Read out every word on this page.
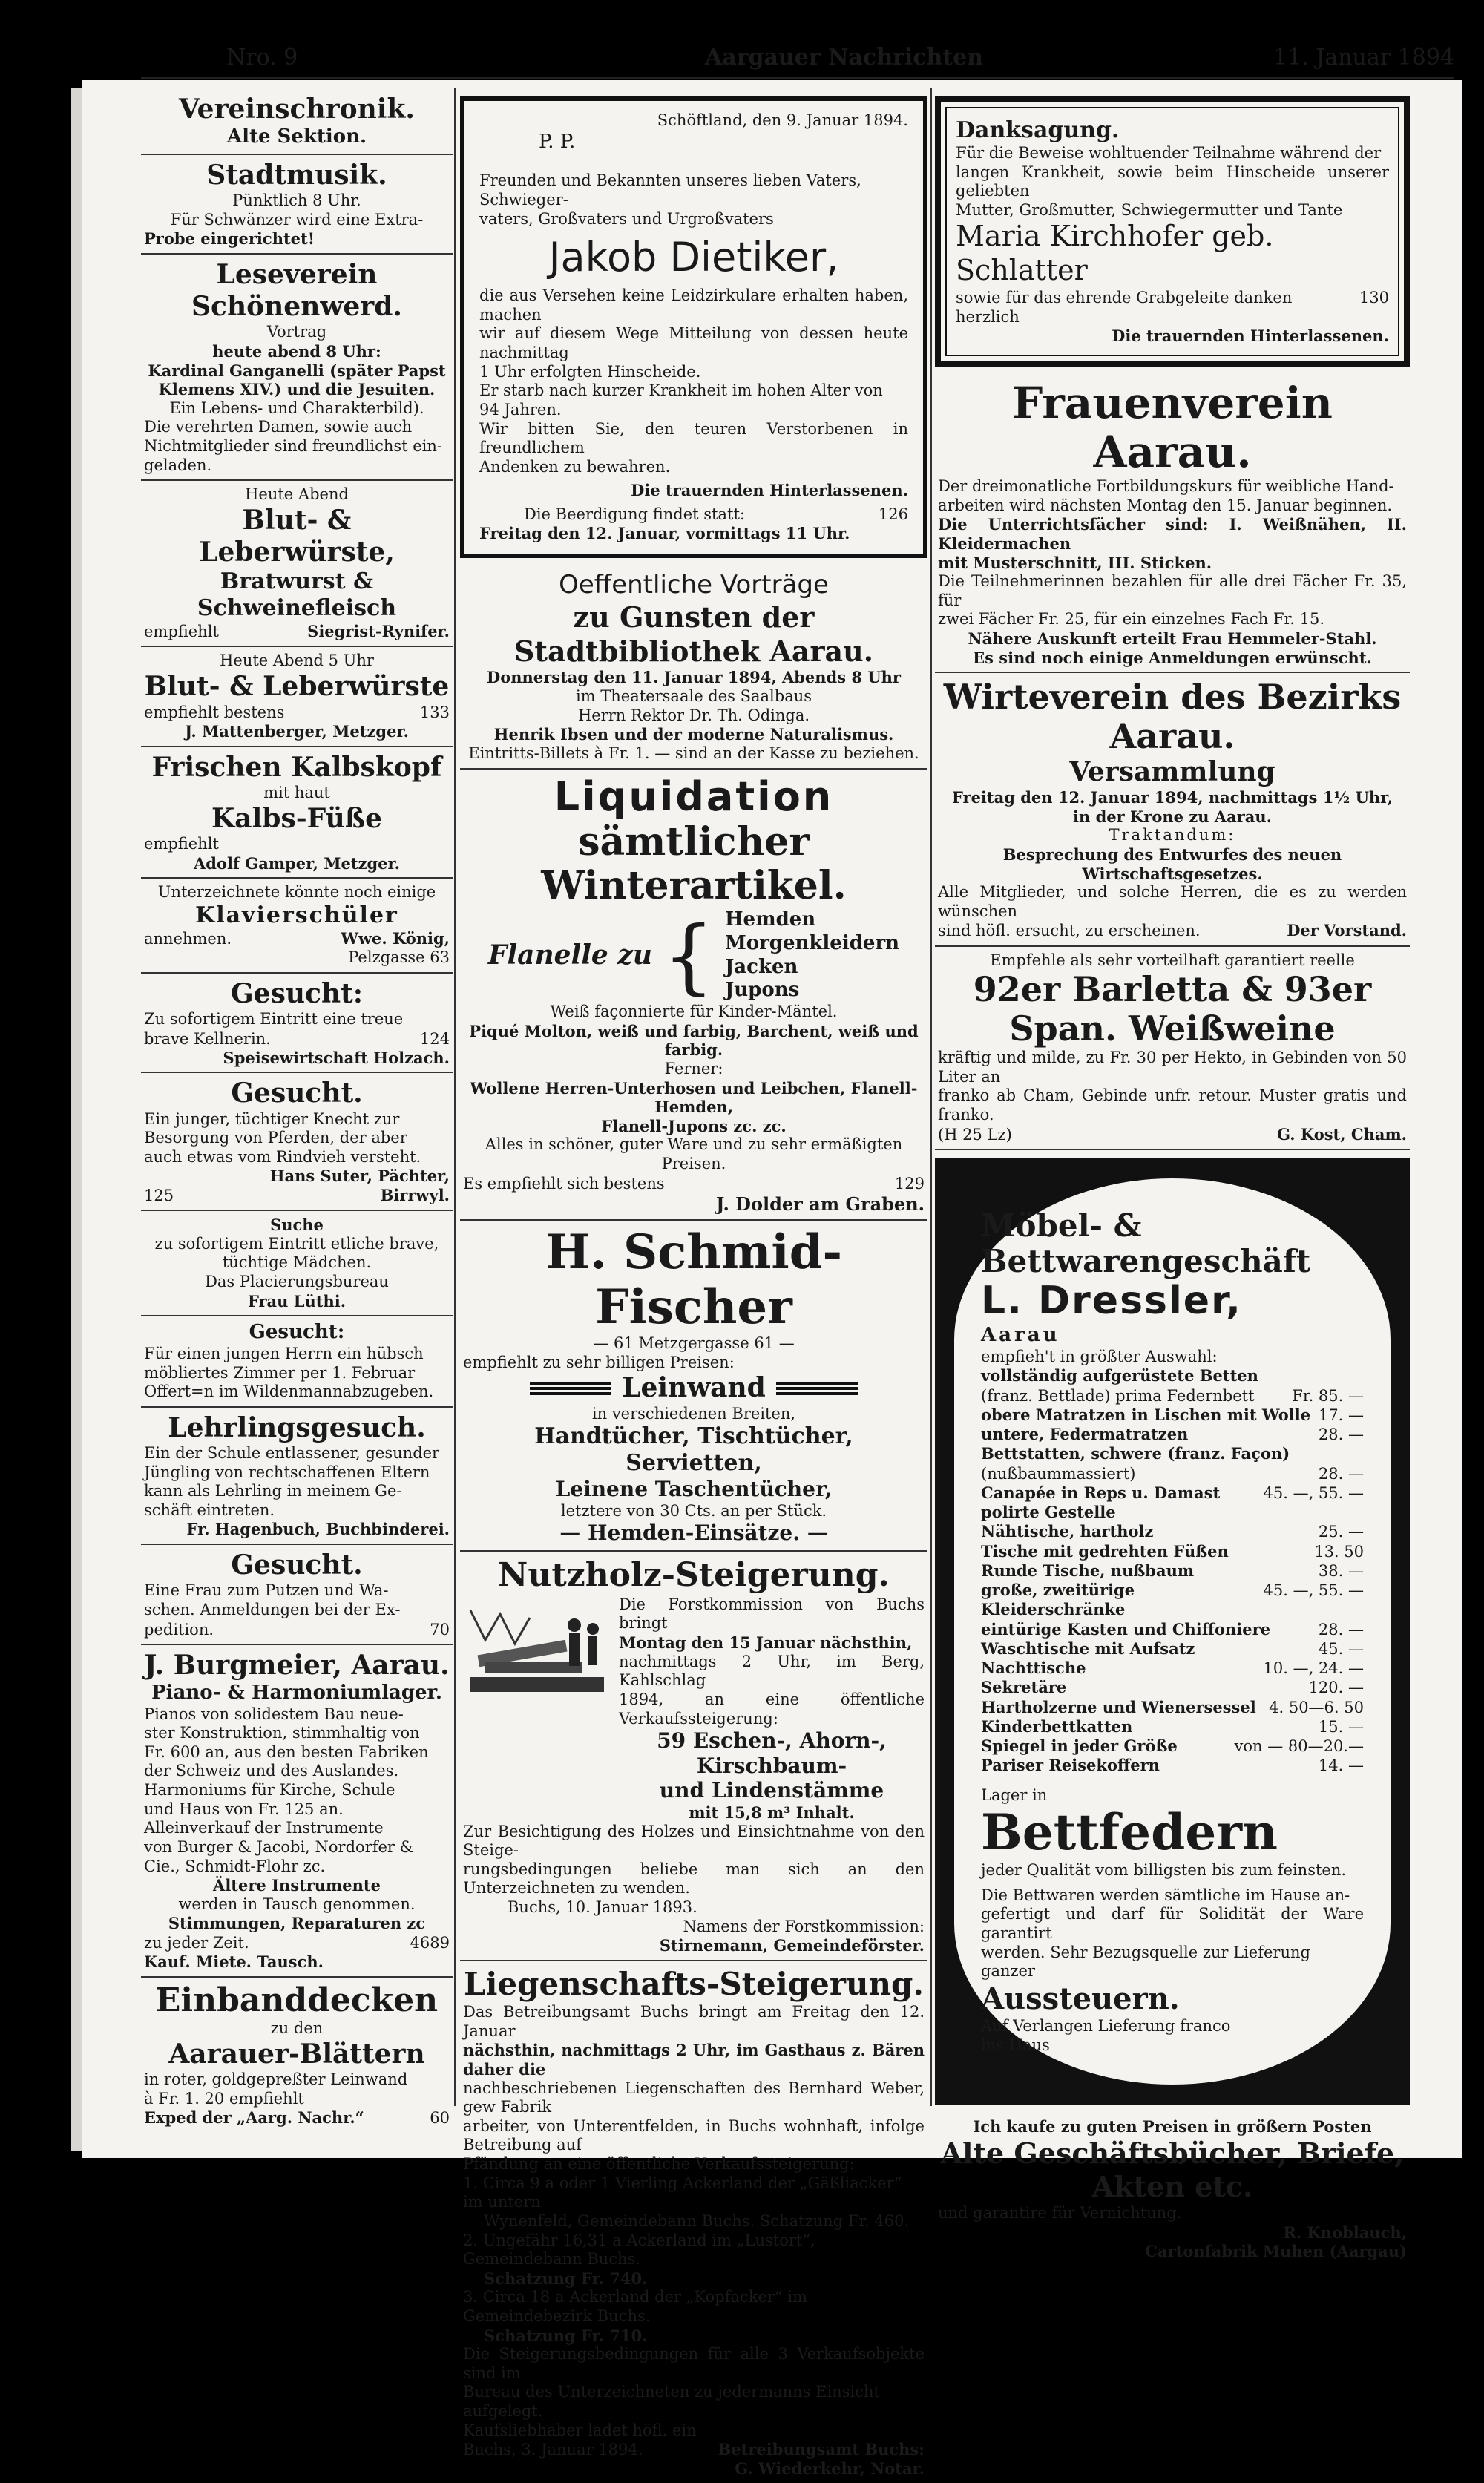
Nro. 9	Aargauer Nachrichten	11. Januar 1894
Vereinschronik.
Alte Sektion.
Stadtmusik.
Pünktlich 8 Uhr.
Für Schwänzer wird eine Extra-
Probe eingerichtet!
Leseverein Schönenwerd.
Vortrag
heute abend 8 Uhr:
Kardinal Ganganelli (später Papst
Klemens XIV.) und die Jesuiten.
Ein Lebens- und Charakterbild).
Die verehrten Damen, sowie auch
Nichtmitglieder sind freundlichst ein-
geladen.
Heute Abend
Blut- & Leberwürste,
Bratwurst & Schweinefleisch
empfiehlt	Siegrist-Rynifer.
Heute Abend 5 Uhr
Blut- & Leberwürste
empfiehlt bestens	133
J. Mattenberger, Metzger.
Frischen Kalbskopf
mit haut
Kalbs-Füße
empfiehlt
Adolf Gamper, Metzger.
Unterzeichnete könnte noch einige
Klavierschüler
annehmen.	Wwe. König,
Pelzgasse 63
Gesucht:
Zu sofortigem Eintritt eine treue
brave Kellnerin.	124
Speisewirtschaft Holzach.
Gesucht.
Ein junger, tüchtiger Knecht zur
Besorgung von Pferden, der aber
auch etwas vom Rindvieh versteht.
Hans Suter, Pächter,
125	Birrwyl.
Suche
zu sofortigem Eintritt etliche brave,
tüchtige Mädchen.
Das Placierungsbureau
Frau Lüthi.
Gesucht:
Für einen jungen Herrn ein hübsch
möbliertes Zimmer per 1. Februar
Offert=n im Wildenmannabzugeben.
Lehrlingsgesuch.
Ein der Schule entlassener, gesunder
Jüngling von rechtschaffenen Eltern
kann als Lehrling in meinem Ge-
schäft eintreten.
Fr. Hagenbuch, Buchbinderei.
Gesucht.
Eine Frau zum Putzen und Wa-
schen. Anmeldungen bei der Ex-
pedition.	70
J. Burgmeier, Aarau.
Piano- & Harmoniumlager.
Pianos von solidestem Bau neue-
ster Konstruktion, stimmhaltig von
Fr. 600 an, aus den besten Fabriken
der Schweiz und des Auslandes.
Harmoniums für Kirche, Schule
und Haus von Fr. 125 an.
Alleinverkauf der Instrumente
von Burger & Jacobi, Nordorfer &
Cie., Schmidt-Flohr zc.
Ältere Instrumente
werden in Tausch genommen.
Stimmungen, Reparaturen zc
zu jeder Zeit.	4689
Kauf. Miete. Tausch.
Einbanddecken
zu den
Aarauer-Blättern
in roter, goldgepreßter Leinwand
à Fr. 1. 20 empfiehlt
Exped der „Aarg. Nachr.“	60
Schöftland, den 9. Januar 1894.
P. P.
Freunden und Bekannten unseres lieben Vaters, Schwieger-
vaters, Großvaters und Urgroßvaters
Jakob Dietiker,
die aus Versehen keine Leidzirkulare erhalten haben, machen
wir auf diesem Wege Mitteilung von dessen heute nachmittag
1 Uhr erfolgten Hinscheide.
Er starb nach kurzer Krankheit im hohen Alter von
94 Jahren.
Wir bitten Sie, den teuren Verstorbenen in freundlichem
Andenken zu bewahren.
Die trauernden Hinterlassenen.
Die Beerdigung findet statt:	126
Freitag den 12. Januar, vormittags 11 Uhr.
Oeffentliche Vorträge
zu Gunsten der Stadtbibliothek Aarau.
Donnerstag den 11. Januar 1894, Abends 8 Uhr
im Theatersaale des Saalbaus
Herrn Rektor Dr. Th. Odinga.
Henrik Ibsen und der moderne Naturalismus.
Eintritts-Billets à Fr. 1. — sind an der Kasse zu beziehen.
Liquidation
sämtlicher Winterartikel.
Flanelle zu { Hemden
Morgenkleidern
Jacken
Jupons
Weiß façonnierte für Kinder-Mäntel.
Piqué Molton, weiß und farbig, Barchent, weiß und farbig.
Ferner:
Wollene Herren-Unterhosen und Leibchen, Flanell-Hemden,
Flanell-Jupons zc. zc.
Alles in schöner, guter Ware und zu sehr ermäßigten Preisen.
Es empfiehlt sich bestens	129
J. Dolder am Graben.
H. Schmid-Fischer
— 61 Metzgergasse 61 —
empfiehlt zu sehr billigen Preisen:
Leinwand
in verschiedenen Breiten,
Handtücher, Tischtücher, Servietten,
Leinene Taschentücher,
letztere von 30 Cts. an per Stück.
— Hemden-Einsätze. —
Nutzholz-Steigerung.
Die Forstkommission von Buchs bringt
Montag den 15 Januar nächsthin,
nachmittags 2 Uhr, im Berg, Kahlschlag
1894, an eine öffentliche Verkaufssteigerung:
59 Eschen-, Ahorn-, Kirschbaum-
und Lindenstämme
mit 15,8 m³ Inhalt.
Zur Besichtigung des Holzes und Einsichtnahme von den Steige-
rungsbedingungen beliebe man sich an den Unterzeichneten zu wenden.
Buchs, 10. Januar 1893.
Namens der Forstkommission:
Stirnemann, Gemeindeförster.
Liegenschafts-Steigerung.
Das Betreibungsamt Buchs bringt am Freitag den 12. Januar
nächsthin, nachmittags 2 Uhr, im Gasthaus z. Bären daher die
nachbeschriebenen Liegenschaften des Bernhard Weber, gew Fabrik
arbeiter, von Unterentfelden, in Buchs wohnhaft, infolge Betreibung auf
Pfändung an eine öffentliche Verkaufssteigerung:
1. Circa 9 a oder 1 Vierling Ackerland der „Gäßliacker“ im untern
Wynenfeld, Gemeindebann Buchs. Schatzung Fr. 460.
2. Ungefähr 16,31 a Ackerland im „Lustort“, Gemeindebann Buchs.
Schatzung Fr. 740.
3. Circa 18 a Ackerland der „Kopfacker“ im Gemeindebezirk Buchs.
Schatzung Fr. 710.
Die Steigerungsbedingungen für alle 3 Verkaufsobjekte sind im
Bureau des Unterzeichneten zu jedermanns Einsicht aufgelegt.
Kaufsliebhaber ladet höfl. ein
Buchs, 3. Januar 1894.	Betreibungsamt Buchs:
G. Wiederkehr, Notar.
Danksagung.
Für die Beweise wohltuender Teilnahme während der
langen Krankheit, sowie beim Hinscheide unserer geliebten
Mutter, Großmutter, Schwiegermutter und Tante
Maria Kirchhofer geb. Schlatter
sowie für das ehrende Grabgeleite danken herzlich
130
Die trauernden Hinterlassenen.
Frauenverein Aarau.
Der dreimonatliche Fortbildungskurs für weibliche Hand-
arbeiten wird nächsten Montag den 15. Januar beginnen.
Die Unterrichtsfächer sind: I. Weißnähen, II. Kleidermachen
mit Musterschnitt, III. Sticken.
Die Teilnehmerinnen bezahlen für alle drei Fächer Fr. 35, für
zwei Fächer Fr. 25, für ein einzelnes Fach Fr. 15.
Nähere Auskunft erteilt Frau Hemmeler-Stahl.
Es sind noch einige Anmeldungen erwünscht.
Wirteverein des Bezirks Aarau.
Versammlung
Freitag den 12. Januar 1894, nachmittags 1½ Uhr,
in der Krone zu Aarau.
Traktandum:
Besprechung des Entwurfes des neuen Wirtschaftsgesetzes.
Alle Mitglieder, und solche Herren, die es zu werden wünschen
sind höfl. ersucht, zu erscheinen.	Der Vorstand.
Empfehle als sehr vorteilhaft garantiert reelle
92er Barletta & 93er Span. Weißweine
kräftig und milde, zu Fr. 30 per Hekto, in Gebinden von 50 Liter an
franko ab Cham, Gebinde unfr. retour. Muster gratis und franko.
(H 25 Lz)	G. Kost, Cham.
Möbel- & Bettwarengeschäft
L. Dressler,
Aarau
empfieh't in größter Auswahl:
vollständig aufgerüstete Betten
(franz. Bettlade) prima Federnbett Fr. 85. —
obere Matratzen in Lischen mit Wolle 17. —
untere, Federmatratzen	28. —
Bettstatten, schwere (franz. Façon)
(nußbaummassiert)	28. —
Canapée in Reps u. Damast polirte Gestelle
45. —, 55. —
Nähtische, hartholz	25. —
Tische mit gedrehten Füßen	13. 50
Runde Tische, nußbaum	38. —
große, zweitürige Kleiderschränke
45. —, 55. —
eintürige Kasten und Chiffoniere	28. —
Waschtische mit Aufsatz	45. —
Nachttische	10. —, 24. —
Sekretäre	120. —
Hartholzerne und Wienersessel 4. 50—6. 50
Kinderbettkatten	15. —
Spiegel in jeder Größe	von — 80—20.—
Pariser Reisekoffern	14. —
Lager in
Bettfedern
jeder Qualität vom billigsten bis zum feinsten.
Die Bettwaren werden sämtliche im Hause an-
gefertigt und darf für Solidität der Ware garantirt
werden. Sehr Bezugsquelle zur Lieferung ganzer
Aussteuern.
Auf Verlangen Lieferung franco
ins Haus
Ich kaufe zu guten Preisen in größern Posten
Alte Geschäftsbücher, Briefe, Akten etc.
und garantire für Vernichtung.
R. Knoblauch,
Cartonfabrik Muhen (Aargau)
